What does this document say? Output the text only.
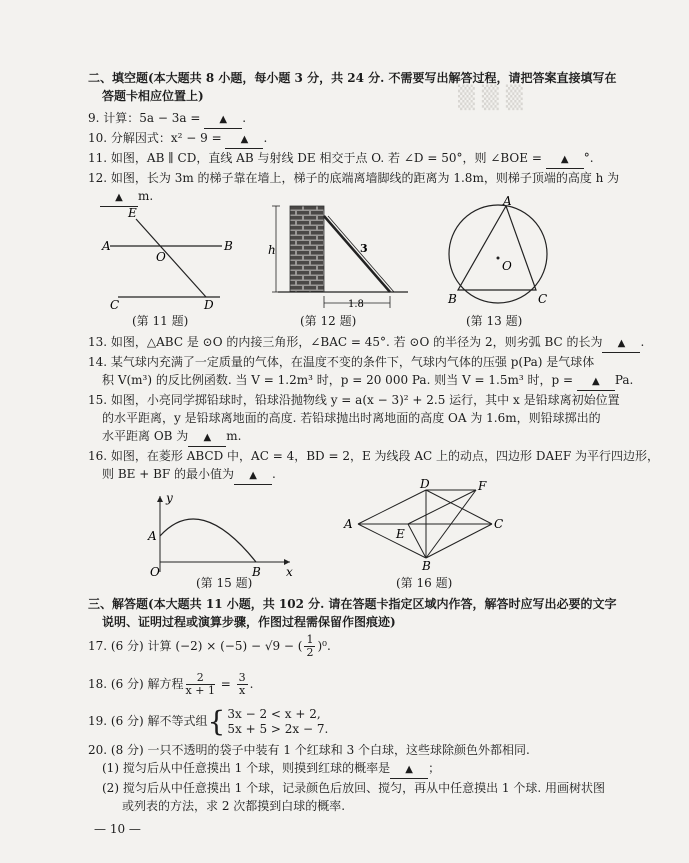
▒ ▒ ▒
二、填空题(本大题共 8 小题，每小题 3 分，共 24 分. 不需要写出解答过程，请把答案直接填写在
答题卡相应位置上)
9. 计算：5a − 3a = ▲ .
10. 分解因式：x² − 9 = ▲ .
11. 如图，AB ∥ CD，直线 AB 与射线 DE 相交于点 O. 若 ∠D = 50°，则 ∠BOE = ▲ °.
12. 如图，长为 3m 的梯子靠在墙上，梯子的底端离墙脚线的距离为 1.8m，则梯子顶端的高度 h 为
▲ m.
E
A	B
O
C	D
(第 11 题)
h	3
1.8
(第 12 题)
A
O
B	C
(第 13 题)
13. 如图，△ABC 是 ⊙O 的内接三角形，∠BAC = 45°. 若 ⊙O 的半径为 2，则劣弧 BC 的长为 ▲ .
14. 某气球内充满了一定质量的气体，在温度不变的条件下，气球内气体的压强 p(Pa) 是气球体
积 V(m³) 的反比例函数. 当 V = 1.2m³ 时，p = 20 000 Pa. 则当 V = 1.5m³ 时，p = ▲ Pa.
15. 如图，小亮同学掷铅球时，铅球沿抛物线 y = a(x − 3)² + 2.5 运行，其中 x 是铅球离初始位置
的水平距离，y 是铅球离地面的高度. 若铅球抛出时离地面的高度 OA 为 1.6m，则铅球掷出的
水平距离 OB 为 ▲ m.
16. 如图，在菱形 ABCD 中，AC = 4，BD = 2，E 为线段 AC 上的动点，四边形 DAEF 为平行四边形，
则 BE + BF 的最小值为 ▲ .
y
A
O	B x
(第 15 题)
D	F
A
E
C
B
(第 16 题)
三、解答题(本大题共 11 小题，共 102 分. 请在答题卡指定区域内作答，解答时应写出必要的文字
说明、证明过程或演算步骤，作图过程需保留作图痕迹)
17. (6 分) 计算 (−2) × (−5) − √9 − ( $\frac{1}{2} )^0$.
18. (6 分) 解方程 $\frac{2}{x + 1} = \frac{3}{x}$ .
19. (6 分) 解不等式组{ 3x − 2 < x + 2,
5x + 5 > 2x − 7.
20. (8 分) 一只不透明的袋子中装有 1 个红球和 3 个白球，这些球除颜色外都相同.
(1) 搅匀后从中任意摸出 1 个球，则摸到红球的概率是 ▲ ；
(2) 搅匀后从中任意摸出 1 个球，记录颜色后放回、搅匀，再从中任意摸出 1 个球. 用画树状图
或列表的方法，求 2 次都摸到白球的概率.
— 10 —
